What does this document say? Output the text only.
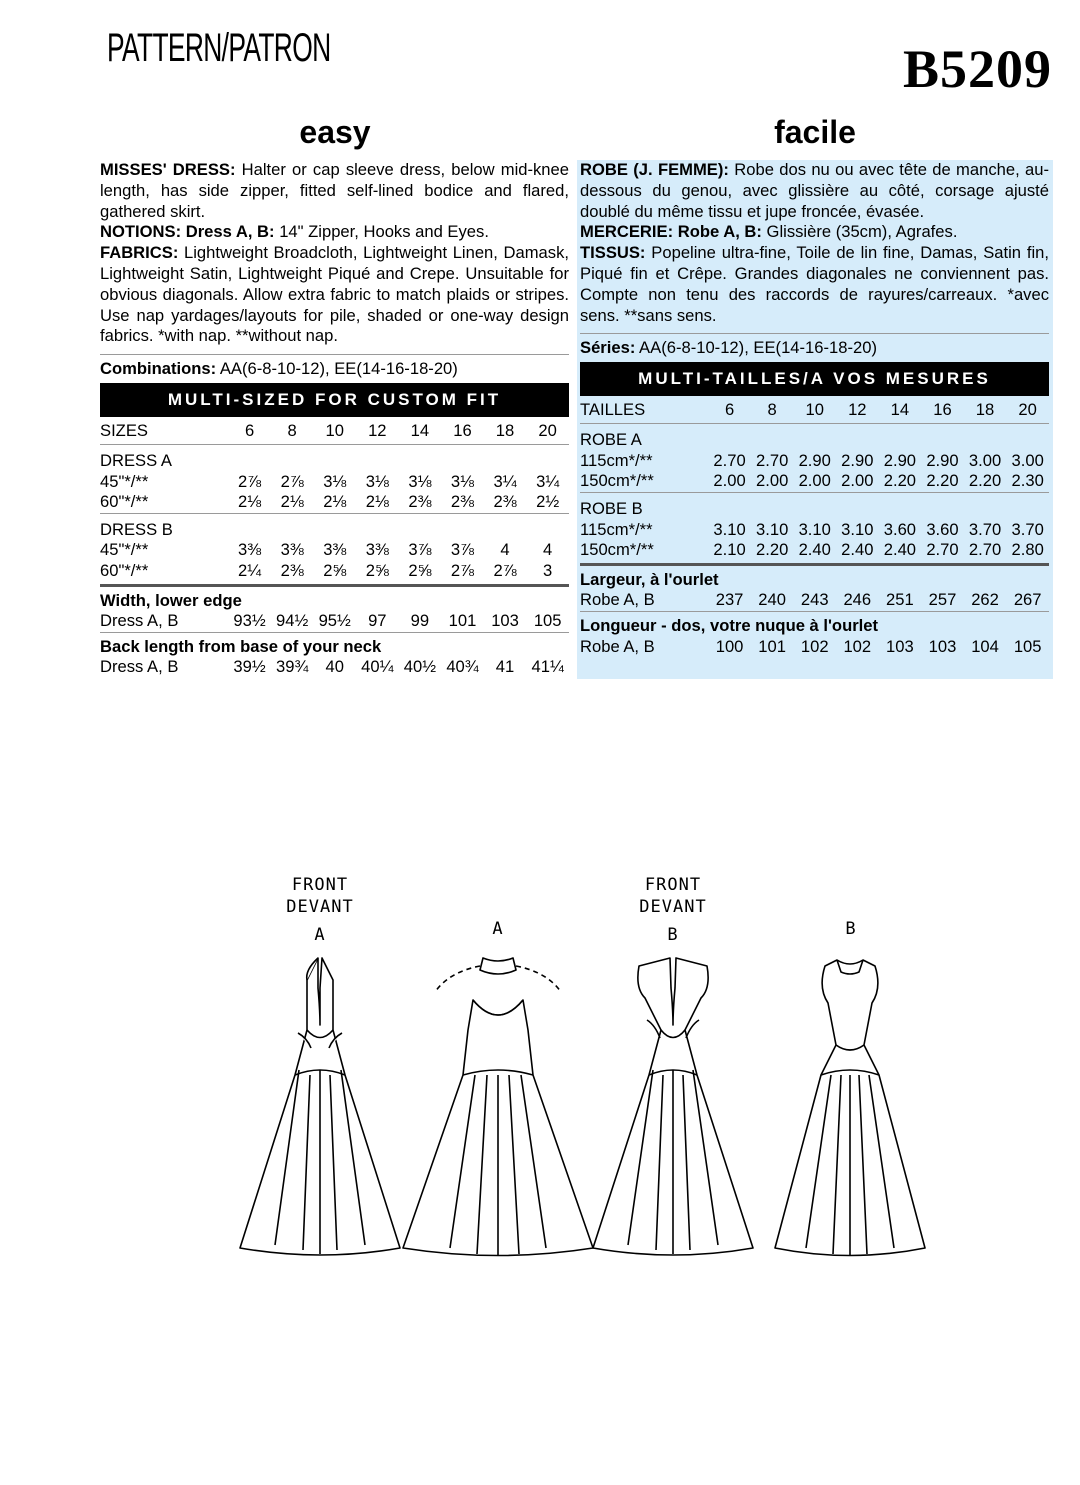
PATTERN/PATRON	B5209
easy	facile

MISSES' DRESS: Halter or cap sleeve dress, below mid-knee length, has side zipper, fitted self-lined bodice and flared, gathered skirt.

NOTIONS: Dress A, B: 14" Zipper, Hooks and Eyes.

FABRICS: Lightweight Broadcloth, Lightweight Linen, Damask, Lightweight Satin, Lightweight Piqué and Crepe. Unsuitable for obvious diagonals. Allow extra fabric to match plaids or stripes. Use nap yardages/layouts for pile, shaded or one-way design fabrics. *with nap. **without nap.

Combinations: AA(6-8-10-12), EE(14-16-18-20)
MULTI-SIZED FOR CUSTOM FIT
SIZES	6	8	10	12	14	16	18	20

DRESS A								
45"*/**	2⅞	2⅞	3⅛	3⅛	3⅛	3⅛	3¼	3¼
60"*/**	2⅛	2⅛	2⅛	2⅛	2⅜	2⅜	2⅜	2½

DRESS B								
45"*/**	3⅜	3⅜	3⅜	3⅜	3⅞	3⅞	4	4
60"*/**	2¼	2⅜	2⅝	2⅝	2⅝	2⅞	2⅞	3
Width, lower edge								
Dress A, B	93½	94½	95½	97	99	101	103	105
Back length from base of your neck								
Dress A, B	39½	39¾	40	40¼	40½	40¾	41	41¼

ROBE (J. FEMME): Robe dos nu ou avec tête de manche, au-dessous du genou, avec glissière au côté, corsage ajusté doublé du même tissu et jupe froncée, évasée.

MERCERIE: Robe A, B: Glissière (35cm), Agrafes.

TISSUS: Popeline ultra-fine, Toile de lin fine, Damas, Satin fin, Piqué fin et Crêpe. Grandes diagonales ne conviennent pas. Compte non tenu des raccords de rayures/carreaux. *avec sens. **sans sens.

Séries: AA(6-8-10-12), EE(14-16-18-20)
MULTI-TAILLES/A VOS MESURES
TAILLES	6	8	10	12	14	16	18	20

ROBE A								
115cm*/**	2.70	2.70	2.90	2.90	2.90	2.90	3.00	3.00
150cm*/**	2.00	2.00	2.00	2.00	2.20	2.20	2.20	2.30

ROBE B								
115cm*/**	3.10	3.10	3.10	3.10	3.60	3.60	3.70	3.70
150cm*/**	2.10	2.20	2.40	2.40	2.40	2.70	2.70	2.80
Largeur, à l'ourlet								
Robe A, B	237	240	243	246	251	257	262	267
Longueur - dos, votre nuque à l'ourlet								
Robe A, B	100	101	102	102	103	103	104	105
FRONT
DEVANT
A	A
FRONT
DEVANT
B	B
